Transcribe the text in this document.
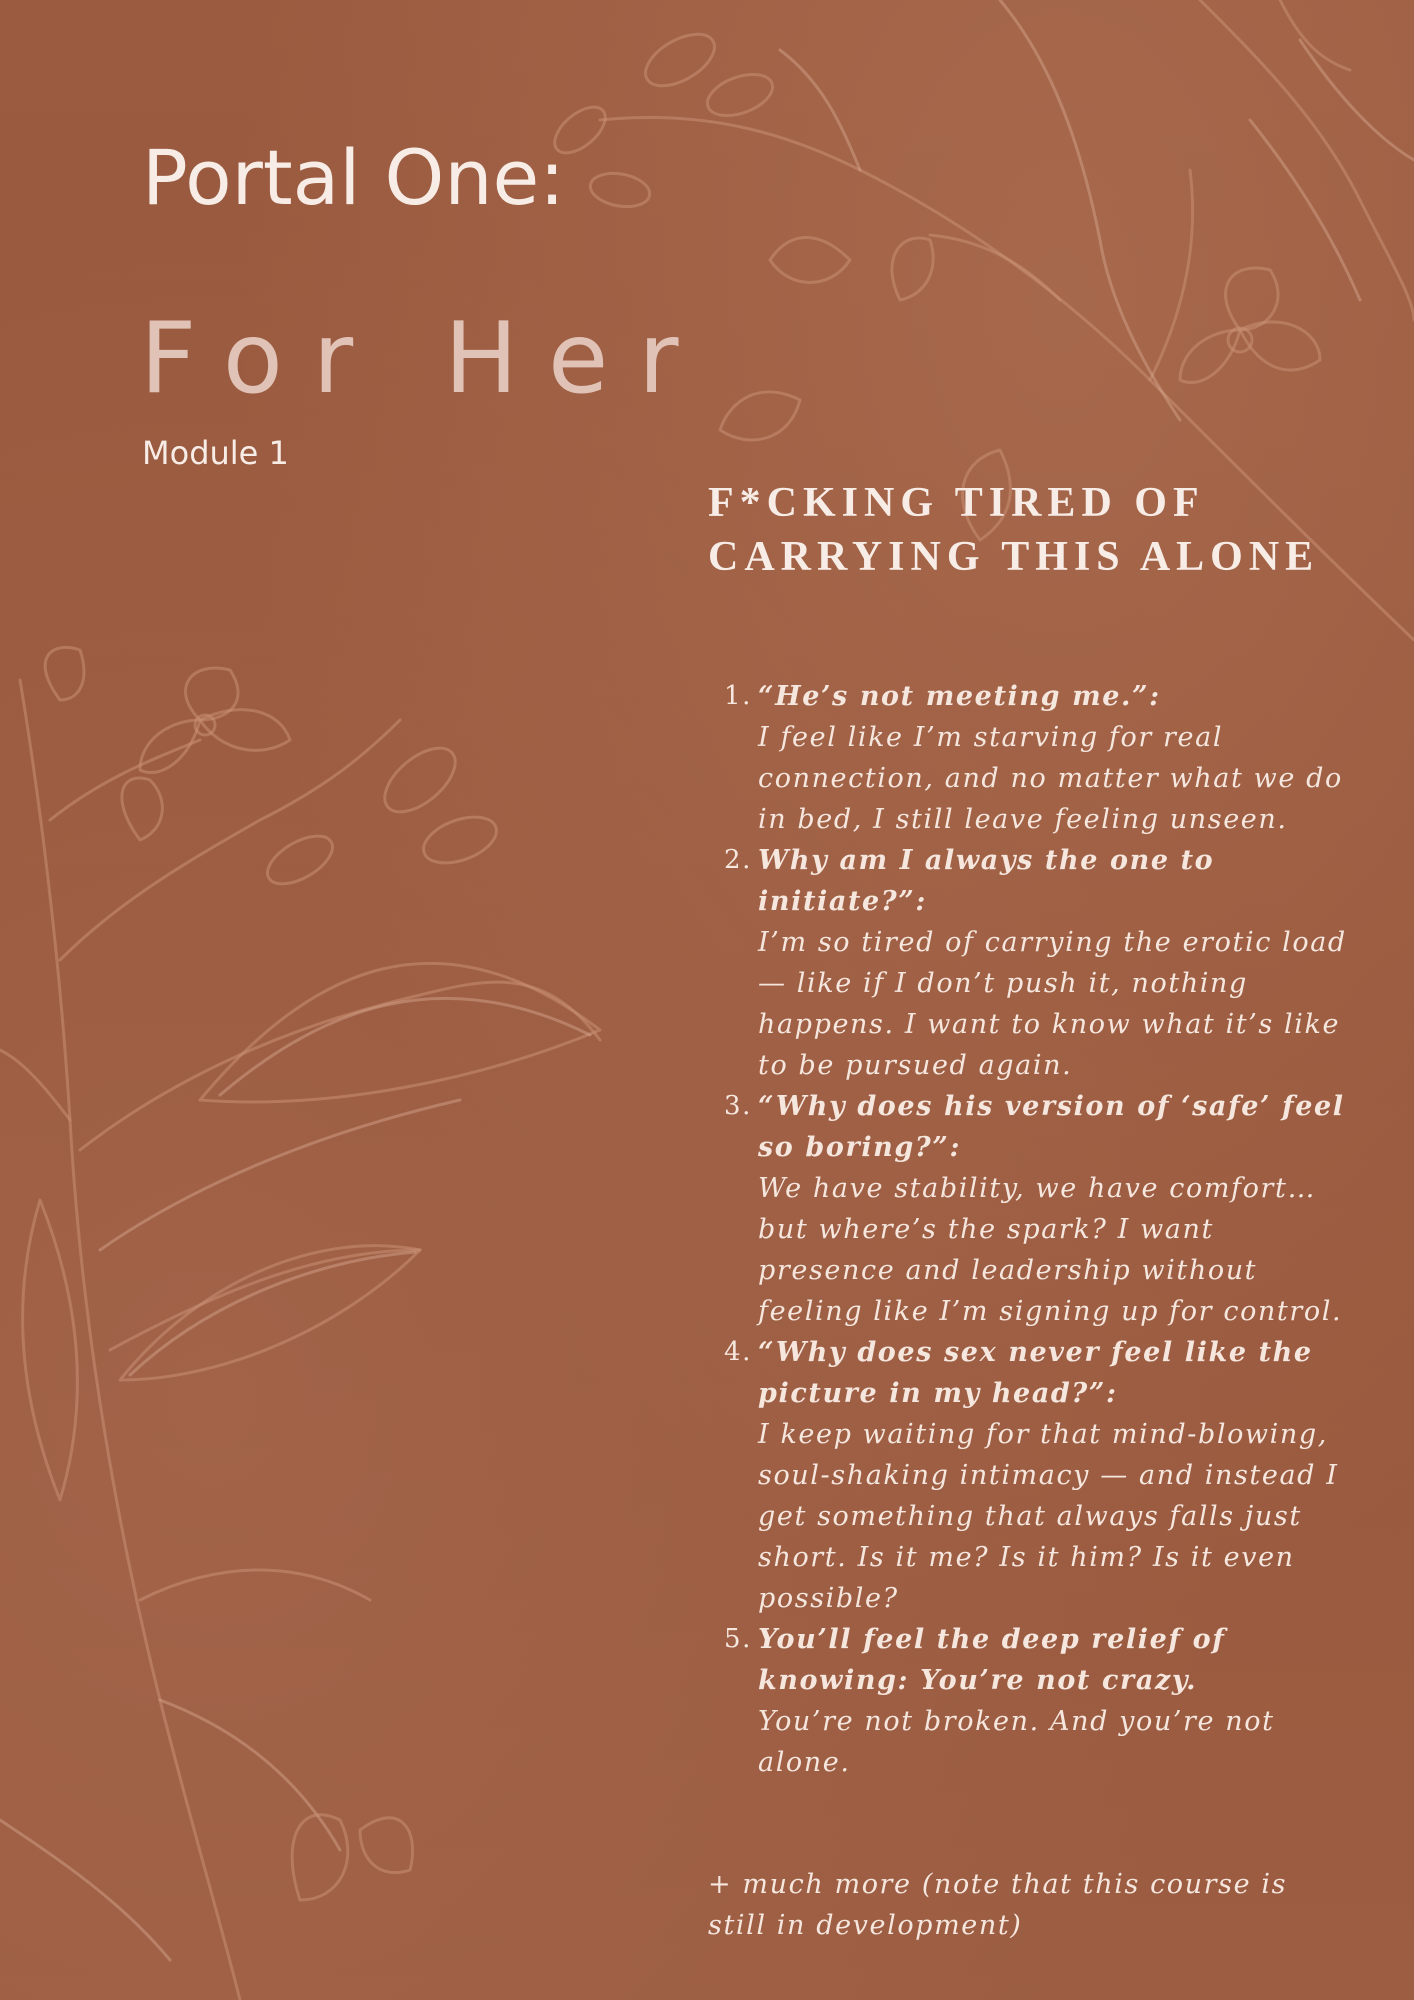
Portal One:
For Her
Module 1
F*CKING TIRED OF
CARRYING THIS ALONE
1. “He’s not meeting me.”:
I feel like I’m starving for real connection, and no matter what we do in bed, I still leave feeling unseen.
2. Why am I always the one to initiate?”:
I’m so tired of carrying the erotic load — like if I don’t push it, nothing happens. I want to know what it’s like to be pursued again.
3. “Why does his version of ‘safe’ feel so boring?”:
We have stability, we have comfort… but where’s the spark? I want presence and leadership without feeling like I’m signing up for control.
4. “Why does sex never feel like the picture in my head?”:
I keep waiting for that mind-blowing, soul-shaking intimacy — and instead I get something that always falls just short. Is it me? Is it him? Is it even possible?
5. You’ll feel the deep relief of knowing: You’re not crazy.
You’re not broken. And you’re not alone.

+ much more (note that this course is still in development)
